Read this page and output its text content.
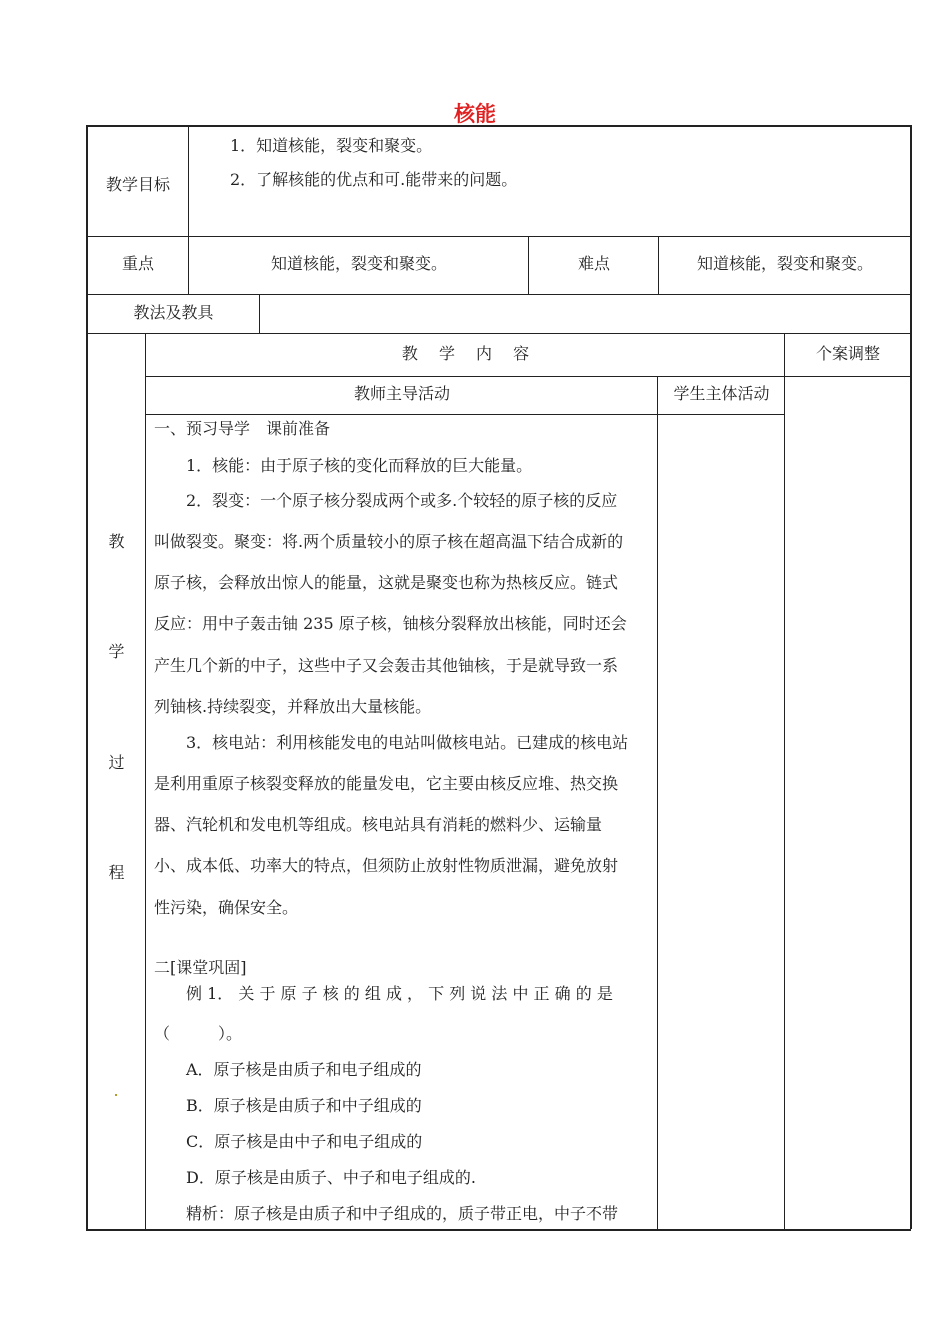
核能
教学目标
1．知道核能，裂变和聚变。
2．了解核能的优点和可.能带来的问题。
重点	知道核能，裂变和聚变。	难点	知道核能，裂变和聚变。
教法及教具
教 学 内 容	个案调整
教师主导活动	学生主体活动
教
学
过
程
一、预习导学　课前准备
　　1．核能：由于原子核的变化而释放的巨大能量。
　　2．裂变：一个原子核分裂成两个或多.个较轻的原子核的反应
叫做裂变。聚变：将.两个质量较小的原子核在超高温下结合成新的
原子核，会释放出惊人的能量，这就是聚变也称为热核反应。链式
反应：用中子轰击铀 235 原子核，铀核分裂释放出核能，同时还会
产生几个新的中子，这些中子又会轰击其他铀核，于是就导致一系
列铀核.持续裂变，并释放出大量核能。
　　3．核电站：利用核能发电的电站叫做核电站。已建成的核电站
是利用重原子核裂变释放的能量发电，它主要由核反应堆、热交换
器、汽轮机和发电机等组成。核电站具有消耗的燃料少、运输量
小、成本低、功率大的特点，但须防止放射性物质泄漏，避免放射
性污染，确保安全。
二[课堂巩固]
　　例 1． 关 于 原 子 核 的 组 成 ， 下 列 说 法 中 正 确 的 是
（　　　）。
　　A．原子核是由质子和电子组成的
　　B．原子核是由质子和中子组成的
　　C．原子核是由中子和电子组成的
　　D．原子核是由质子、中子和电子组成的.
　　精析：原子核是由质子和中子组成的，质子带正电，中子不带
